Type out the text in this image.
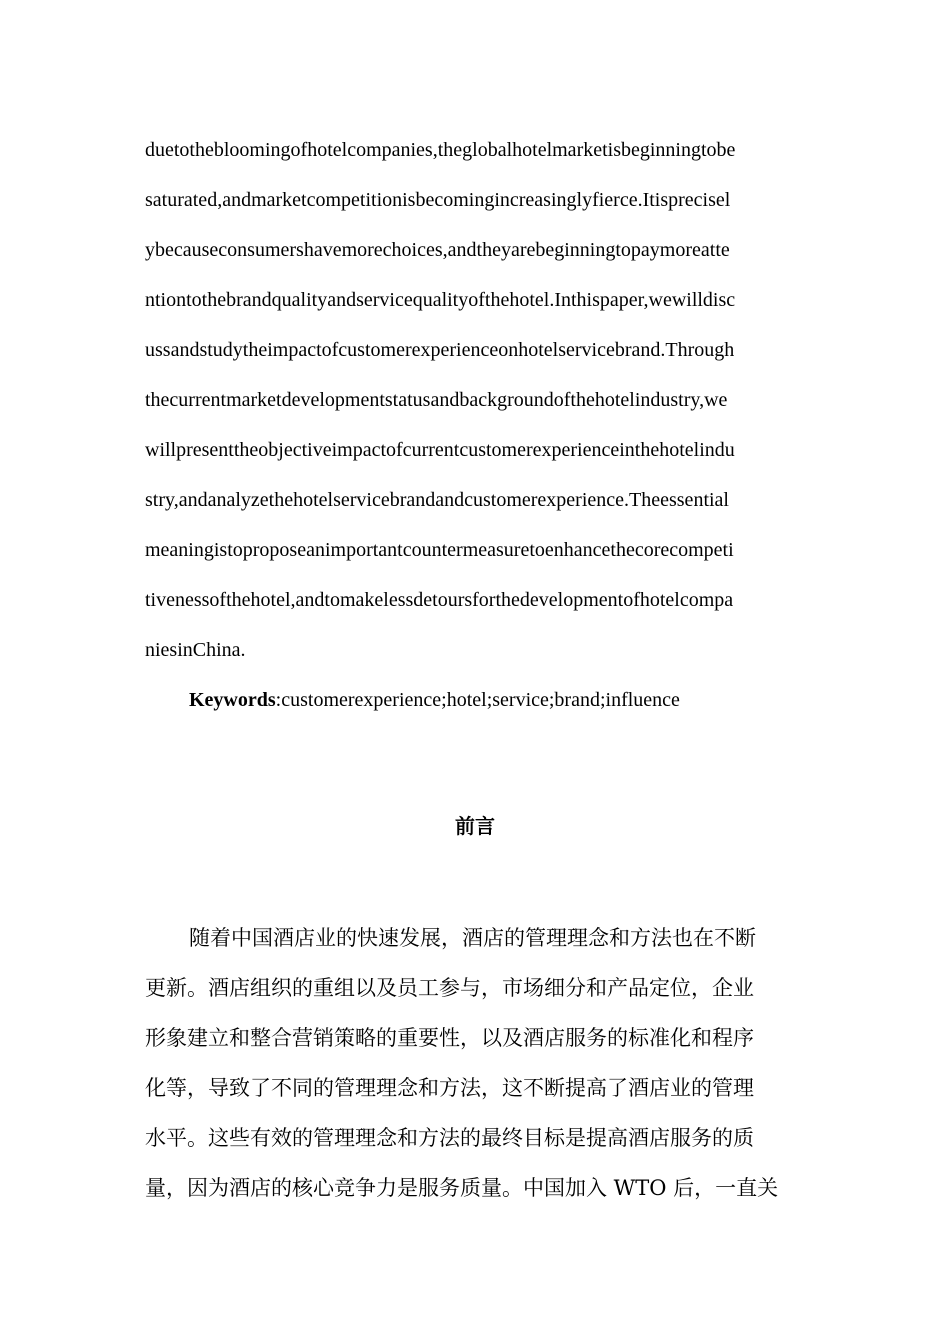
duetothebloomingofhotelcompanies,theglobalhotelmarketisbeginningtobe
saturated,andmarketcompetitionisbecomingincreasinglyfierce.Itisprecisel
ybecauseconsumershavemorechoices,andtheyarebeginningtopaymoreatte
ntiontothebrandqualityandservicequalityofthehotel.Inthispaper,wewilldisc
ussandstudytheimpactofcustomerexperienceonhotelservicebrand.Through
thecurrentmarketdevelopmentstatusandbackgroundofthehotelindustry,we
willpresenttheobjectiveimpactofcurrentcustomerexperienceinthehotelindu
stry,andanalyzethehotelservicebrandandcustomerexperience.Theessential
meaningistoproposeanimportantcountermeasuretoenhancethecorecompeti
tivenessofthehotel,andtomakelessdetoursforthedevelopmentofhotelcompa
niesinChina.
Keywords:customerexperience;hotel;service;brand;influence
前言
随着中国酒店业的快速发展，酒店的管理理念和方法也在不断
更新。酒店组织的重组以及员工参与，市场细分和产品定位，企业
形象建立和整合营销策略的重要性，以及酒店服务的标准化和程序
化等，导致了不同的管理理念和方法，这不断提高了酒店业的管理
水平。这些有效的管理理念和方法的最终目标是提高酒店服务的质
量，因为酒店的核心竞争力是服务质量。中国加入 WTO 后，一直关
